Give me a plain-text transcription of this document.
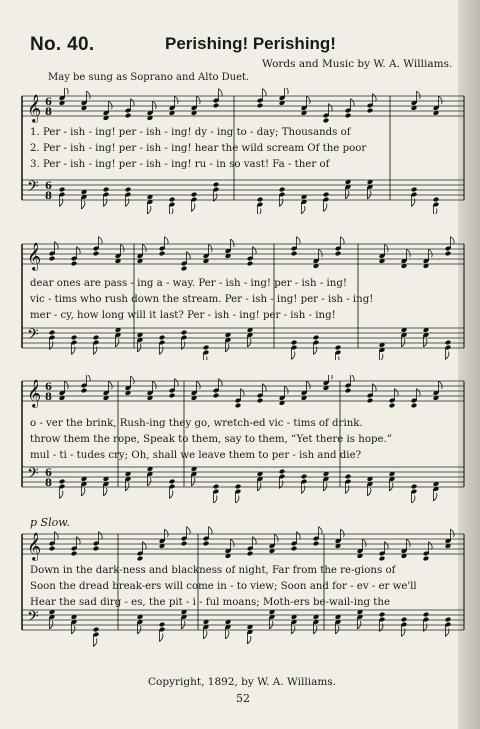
No. 40.	Perishing! Perishing!
Words and Music by W. A. Williams.
May be sung as Soprano and Alto Duet.
𝄞 6
8
𝄢 6
8
1. Per - ish - ing! per - ish - ing! dy - ing to - day; Thousands of
2. Per - ish - ing! per - ish - ing! hear the wild scream Of the poor
3. Per - ish - ing! per - ish - ing! ru - in so vast! Fa - ther of
𝄞
𝄢
dear ones are pass - ing a - way. Per - ish - ing! per - ish - ing!
vic - tims who rush down the stream. Per - ish - ing! per - ish - ing!
mer - cy, how long will it last? Per - ish - ing! per - ish - ing!
𝄞 6
8
𝄢 6
8
o - ver the brink, Rush-ing they go, wretch-ed vic - tims of drink.
throw them the rope, Speak to them, say to them, “Yet there is hope.”
mul - ti - tudes cry; Oh, shall we leave them to per - ish and die?
p Slow.
𝄞
𝄢
Down in the dark-ness and blackness of night, Far from the re-gions of
Soon the dread break-ers will come in - to view; Soon and for - ev - er we'll
Hear the sad dirg - es, the pit - i - ful moans; Moth-ers be-wail-ing the
Copyright, 1892, by W. A. Williams.
52
